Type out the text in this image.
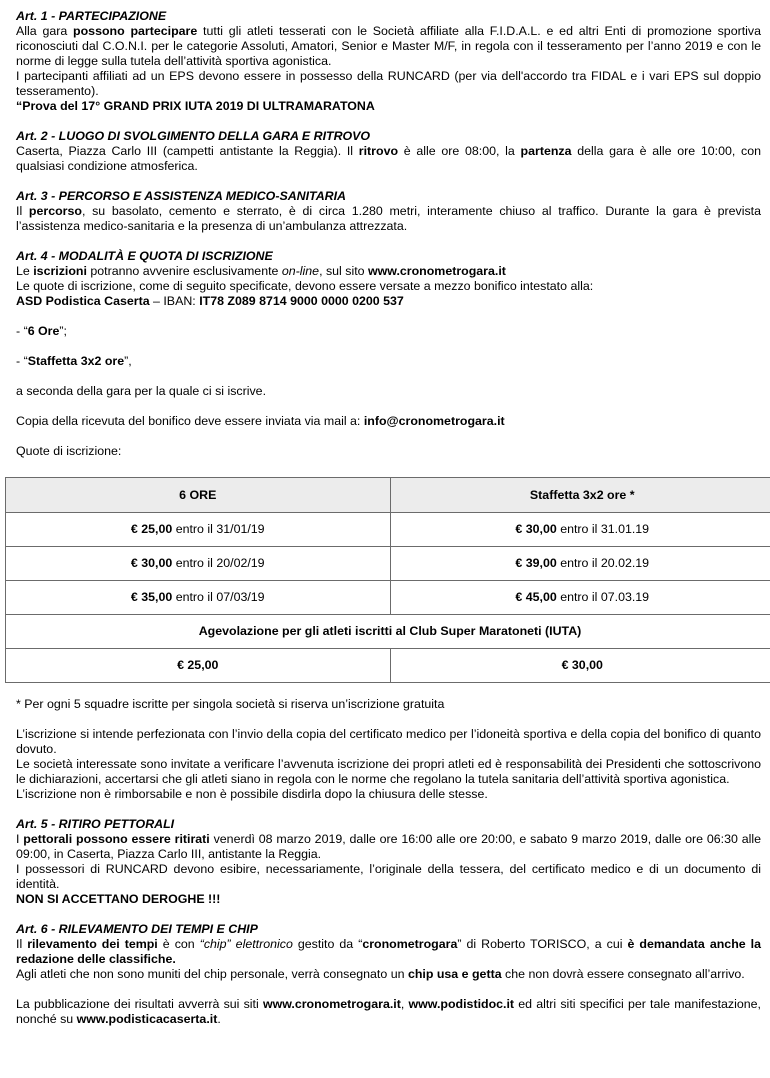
Art. 1 - PARTECIPAZIONE
Alla gara possono partecipare tutti gli atleti tesserati con le Società affiliate alla F.I.D.A.L. e ed altri Enti di promozione sportiva riconosciuti dal C.O.N.I. per le categorie Assoluti, Amatori, Senior e Master M/F, in regola con il tesseramento per l’anno 2019 e con le norme di legge sulla tutela dell’attività sportiva agonistica.
I partecipanti affiliati ad un EPS devono essere in possesso della RUNCARD (per via dell'accordo tra FIDAL e i vari EPS sul doppio tesseramento).
“Prova del 17° GRAND PRIX IUTA 2019 DI ULTRAMARATONA
Art. 2 - LUOGO DI SVOLGIMENTO DELLA GARA E RITROVO
Caserta, Piazza Carlo III (campetti antistante la Reggia). Il ritrovo è alle ore 08:00, la partenza della gara è alle ore 10:00, con qualsiasi condizione atmosferica.
Art. 3 - PERCORSO E ASSISTENZA MEDICO-SANITARIA
Il percorso, su basolato, cemento e sterrato, è di circa 1.280 metri, interamente chiuso al traffico. Durante la gara è prevista l’assistenza medico-sanitaria e la presenza di un’ambulanza attrezzata.
Art. 4 - MODALITÀ E QUOTA DI ISCRIZIONE
Le iscrizioni potranno avvenire esclusivamente on-line, sul sito www.cronometrogara.it
Le quote di iscrizione, come di seguito specificate, devono essere versate a mezzo bonifico intestato alla:
ASD Podistica Caserta – IBAN: IT78 Z089 8714 9000 0000 0200 537
- “6 Ore”;
- “Staffetta 3x2 ore”,
a seconda della gara per la quale ci si iscrive.
Copia della ricevuta del bonifico deve essere inviata via mail a: info@cronometrogara.it
Quote di iscrizione:
6 ORE	Staffetta 3x2 ore *
€ 25,00 entro il 31/01/19	€ 30,00 entro il 31.01.19
€ 30,00 entro il 20/02/19	€ 39,00 entro il 20.02.19
€ 35,00 entro il 07/03/19	€ 45,00 entro il 07.03.19
Agevolazione per gli atleti iscritti al Club Super Maratoneti (IUTA)	
€ 25,00	€ 30,00
* Per ogni 5 squadre iscritte per singola società si riserva un’iscrizione gratuita
L’iscrizione si intende perfezionata con l’invio della copia del certificato medico per l’idoneità sportiva e della copia del bonifico di quanto dovuto.
Le società interessate sono invitate a verificare l’avvenuta iscrizione dei propri atleti ed è responsabilità dei Presidenti che sottoscrivono le dichiarazioni, accertarsi che gli atleti siano in regola con le norme che regolano la tutela sanitaria dell’attività sportiva agonistica.
L’iscrizione non è rimborsabile e non è possibile disdirla dopo la chiusura delle stesse.
Art. 5 - RITIRO PETTORALI
I pettorali possono essere ritirati venerdì 08 marzo 2019, dalle ore 16:00 alle ore 20:00, e sabato 9 marzo 2019, dalle ore 06:30 alle 09:00, in Caserta, Piazza Carlo III, antistante la Reggia.
I possessori di RUNCARD devono esibire, necessariamente, l’originale della tessera, del certificato medico e di un documento di identità.
NON SI ACCETTANO DEROGHE !!!
Art. 6 - RILEVAMENTO DEI TEMPI E CHIP
Il rilevamento dei tempi è con “chip” elettronico gestito da “cronometrogara” di Roberto TORISCO, a cui è demandata anche la redazione delle classifiche.
Agli atleti che non sono muniti del chip personale, verrà consegnato un chip usa e getta che non dovrà essere consegnato all’arrivo.
La pubblicazione dei risultati avverrà sui siti www.cronometrogara.it, www.podistidoc.it ed altri siti specifici per tale manifestazione, nonché su www.podisticacaserta.it.
